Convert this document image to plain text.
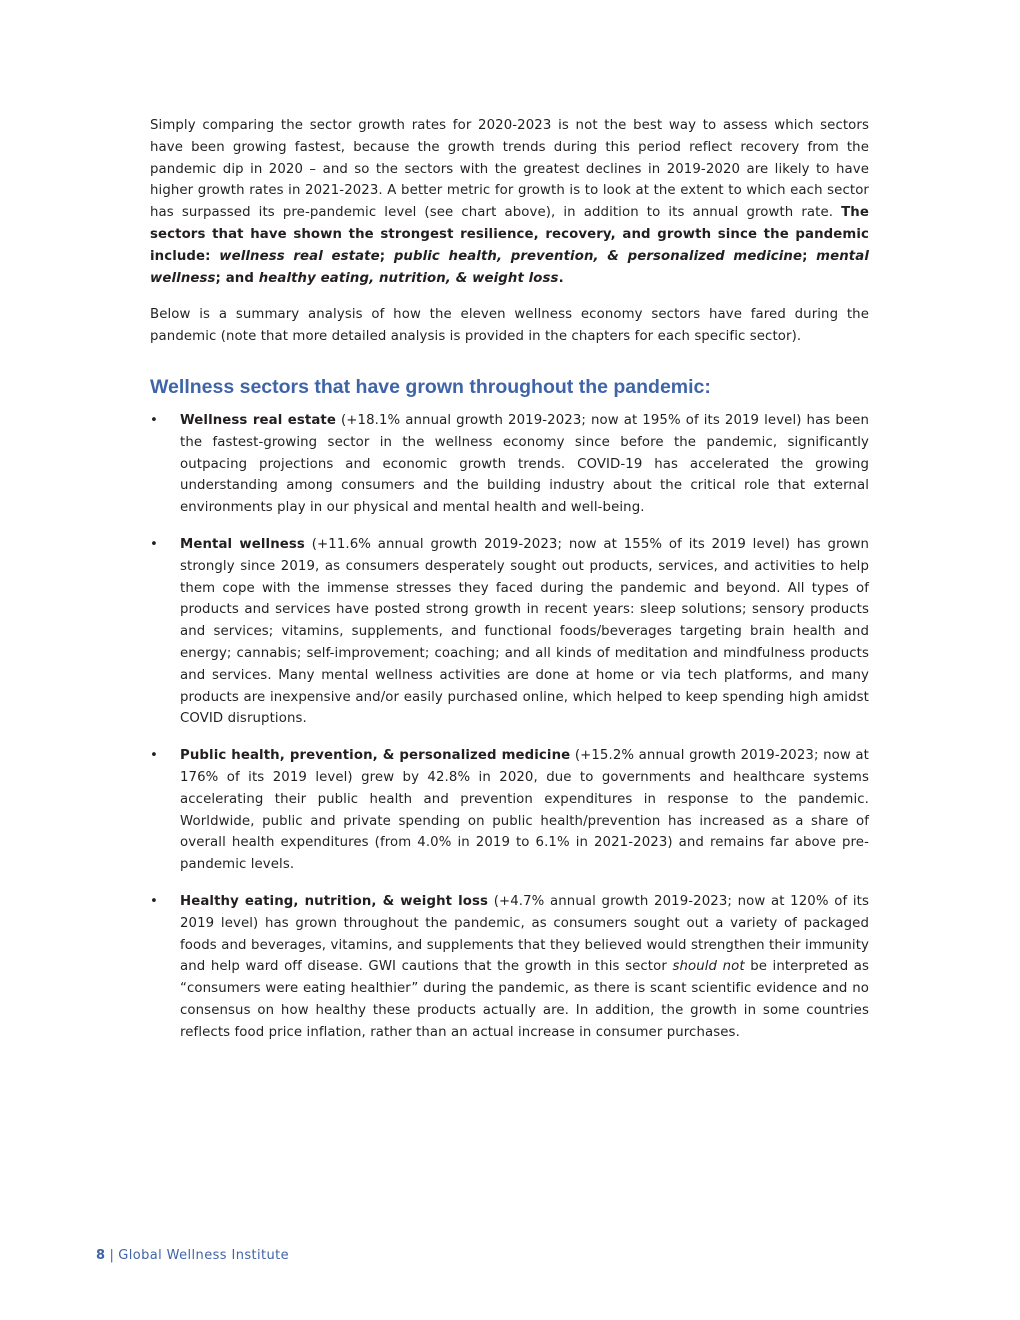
Simply comparing the sector growth rates for 2020-2023 is not the best way to assess which sectors have been growing fastest, because the growth trends during this period reflect recovery from the pandemic dip in 2020 – and so the sectors with the greatest declines in 2019-2020 are likely to have higher growth rates in 2021-2023. A better metric for growth is to look at the extent to which each sector has surpassed its pre-pandemic level (see chart above), in addition to its annual growth rate. The sectors that have shown the strongest resilience, recovery, and growth since the pandemic include: wellness real estate; public health, prevention, & personalized medicine; mental wellness; and healthy eating, nutrition, & weight loss.

Below is a summary analysis of how the eleven wellness economy sectors have fared during the pandemic (note that more detailed analysis is provided in the chapters for each specific sector).

Wellness sectors that have grown throughout the pandemic:
• Wellness real estate (+18.1% annual growth 2019-2023; now at 195% of its 2019 level) has been the fastest-growing sector in the wellness economy since before the pandemic, significantly outpacing projections and economic growth trends. COVID-19 has accelerated the growing understanding among consumers and the building industry about the critical role that external environments play in our physical and mental health and well-being.

• Mental wellness (+11.6% annual growth 2019-2023; now at 155% of its 2019 level) has grown strongly since 2019, as consumers desperately sought out products, services, and activities to help them cope with the immense stresses they faced during the pandemic and beyond. All types of products and services have posted strong growth in recent years: sleep solutions; sensory products and services; vitamins, supplements, and functional foods/beverages targeting brain health and energy; cannabis; self-improvement; coaching; and all kinds of meditation and mindfulness products and services. Many mental wellness activities are done at home or via tech platforms, and many products are inexpensive and/or easily purchased online, which helped to keep spending high amidst COVID disruptions.

• Public health, prevention, & personalized medicine (+15.2% annual growth 2019-2023; now at 176% of its 2019 level) grew by 42.8% in 2020, due to governments and healthcare systems accelerating their public health and prevention expenditures in response to the pandemic. Worldwide, public and private spending on public health/prevention has increased as a share of overall health expenditures (from 4.0% in 2019 to 6.1% in 2021-2023) and remains far above pre-pandemic levels.

• Healthy eating, nutrition, & weight loss (+4.7% annual growth 2019-2023; now at 120% of its 2019 level) has grown throughout the pandemic, as consumers sought out a variety of packaged foods and beverages, vitamins, and supplements that they believed would strengthen their immunity and help ward off disease. GWI cautions that the growth in this sector should not be interpreted as “consumers were eating healthier” during the pandemic, as there is scant scientific evidence and no consensus on how healthy these products actually are. In addition, the growth in some countries reflects food price inflation, rather than an actual increase in consumer purchases.

8 | Global Wellness Institute
